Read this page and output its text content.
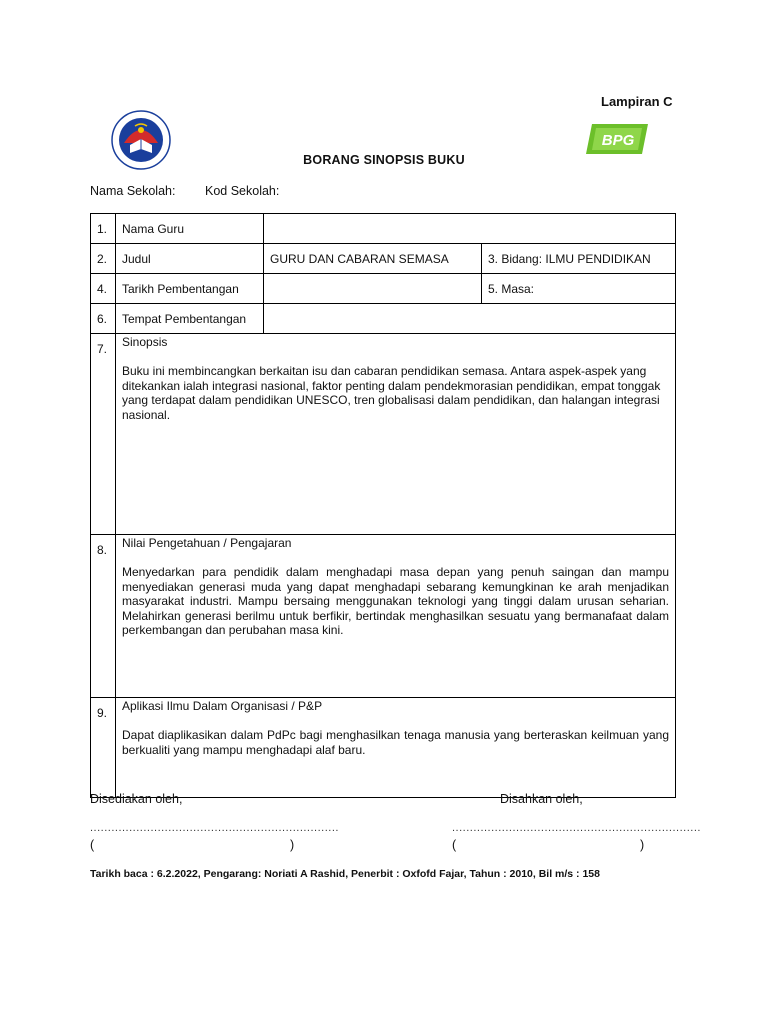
Lampiran C
BPG
BORANG SINOPSIS BUKU
Nama Sekolah: Kod Sekolah:
1.	Nama Guru		
2.	Judul	GURU DAN CABARAN SEMASA	3. Bidang: ILMU PENDIDIKAN
4.	Tarikh Pembentangan		5. Masa:
6.	Tempat Pembentangan		
7.	Sinopsis
Buku ini membincangkan berkaitan isu dan cabaran pendidikan semasa. Antara aspek-aspek yang ditekankan ialah integrasi nasional, faktor penting dalam pendekmorasian pendidikan, empat tonggak yang terdapat dalam pendidikan UNESCO, tren globalisasi dalam pendidikan, dan halangan integrasi nasional.		

8.	Nilai Pengetahuan / Pengajaran
Menyedarkan para pendidik dalam menghadapi masa depan yang penuh saingan dan mampu menyediakan generasi muda yang dapat menghadapi sebarang kemungkinan ke arah menjadikan masyarakat industri. Mampu bersaing menggunakan teknologi yang tinggi dalam urusan seharian. Melahirkan generasi berilmu untuk berfikir, bertindak menghasilkan sesuatu yang bermanafaat dalam perkembangan dan perubahan masa kini.		

9.	Aplikasi Ilmu Dalam Organisasi / P&P
Dapat diaplikasikan dalam PdPc bagi menghasilkan tenaga manusia yang berteraskan keilmuan yang berkualiti yang mampu menghadapi alaf baru.		
Disediakan oleh,	Disahkan oleh,
......................................................................	......................................................................
(	)	(	)
Tarikh baca : 6.2.2022, Pengarang: Noriati A Rashid, Penerbit : Oxfofd Fajar, Tahun : 2010, Bil m/s : 158
